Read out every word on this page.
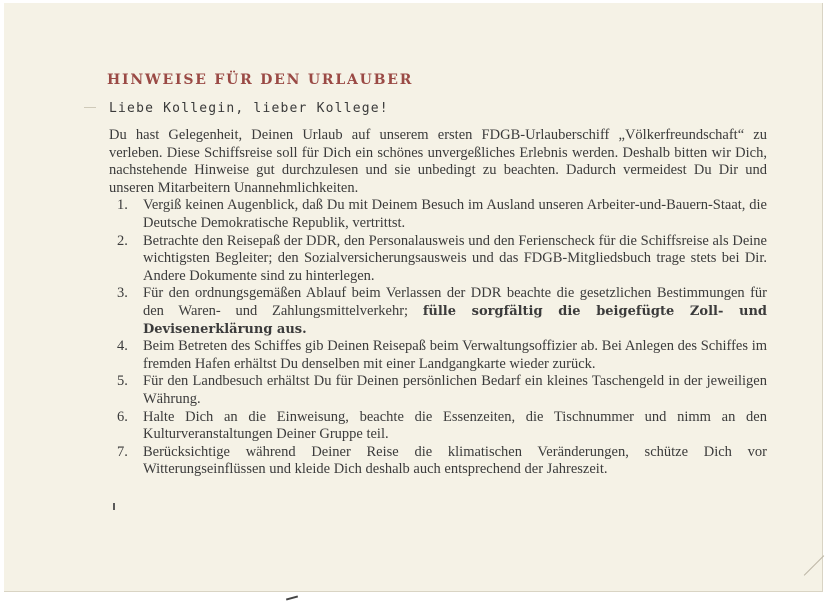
HINWEISE FÜR DEN URLAUBER
Liebe Kollegin, lieber Kollege!

Du hast Gelegenheit, Deinen Urlaub auf unserem ersten FDGB-Urlauberschiff „Völkerfreundschaft“ zu verleben. Diese Schiffsreise soll für Dich ein schönes unvergeßliches Erlebnis werden. Deshalb bitten wir Dich, nachstehende Hinweise gut durchzulesen und sie unbedingt zu beachten. Dadurch vermeidest Du Dir und unseren Mitarbeitern Unannehmlichkeiten.

1. Vergiß keinen Augenblick, daß Du mit Deinem Besuch im Ausland unseren Arbeiter-und-Bauern-Staat, die Deutsche Demokratische Republik, vertrittst.
2. Betrachte den Reisepaß der DDR, den Personalausweis und den Ferienscheck für die Schiffsreise als Deine wichtigsten Begleiter; den Sozialversicherungsausweis und das FDGB-Mitgliedsbuch trage stets bei Dir. Andere Dokumente sind zu hinterlegen.
3. Für den ordnungsgemäßen Ablauf beim Verlassen der DDR beachte die gesetzlichen Bestimmungen für den Waren- und Zahlungsmittelverkehr; fülle sorgfältig die beigefügte Zoll- und Devisenerklärung aus.
4. Beim Betreten des Schiffes gib Deinen Reisepaß beim Verwaltungsoffizier ab. Bei Anlegen des Schiffes im fremden Hafen erhältst Du denselben mit einer Landgangkarte wieder zurück.
5. Für den Landbesuch erhältst Du für Deinen persönlichen Bedarf ein kleines Taschengeld in der jeweiligen Währung.
6. Halte Dich an die Einweisung, beachte die Essenzeiten, die Tischnummer und nimm an den Kulturveranstaltungen Deiner Gruppe teil.
7. Berücksichtige während Deiner Reise die klimatischen Veränderungen, schütze Dich vor Witterungseinflüssen und kleide Dich deshalb auch entsprechend der Jahreszeit.
